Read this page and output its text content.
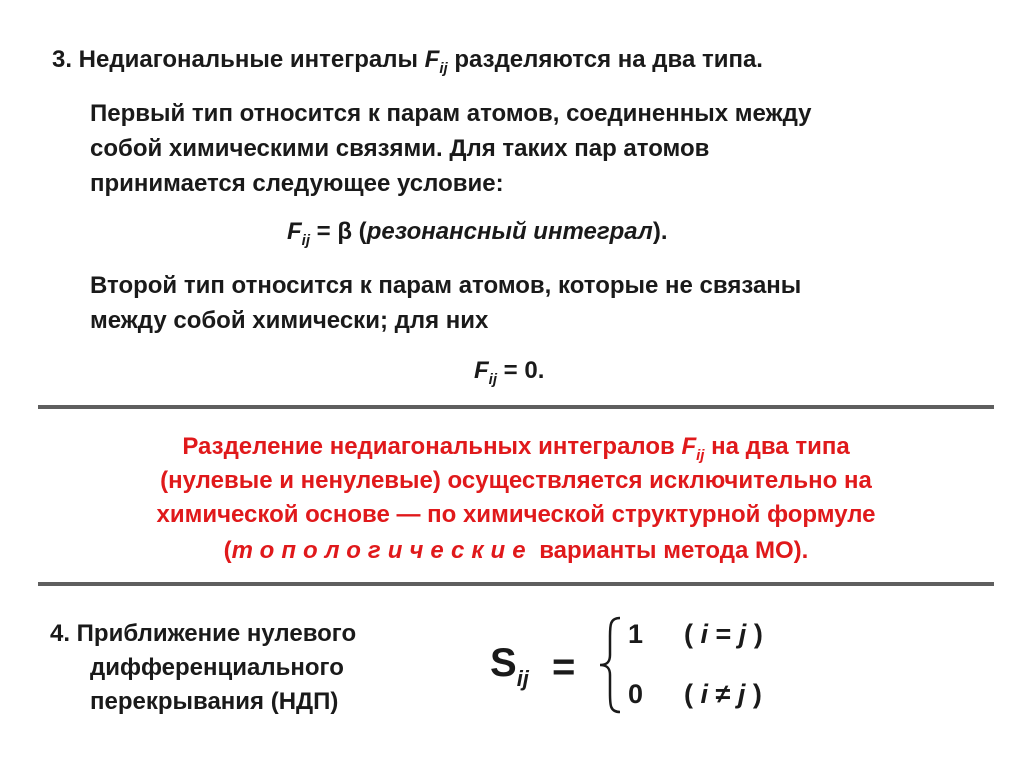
3. Недиагональные интегралы $F_{ij}$ разделяются на два типа.
Первый тип относится к парам атомов, соединенных между
собой химическими связями. Для таких пар атомов
принимается следующее условие:
$F_{ij} = \beta$ (резонансный интеграл).
Второй тип относится к парам атомов, которые не связаны
между собой химически; для них
$F_{ij} = 0$.
Разделение недиагональных интегралов $F_{ij}$ на два типа
(нулевые и ненулевые) осуществляется исключительно на
химической основе — по химической структурной формуле
(топологические варианты метода МО).
4. Приближение нулевого
дифференциального
перекрывания (НДП)
$S_{ij}$ =
1 ( i = j )
0 ( i ≠ j )
